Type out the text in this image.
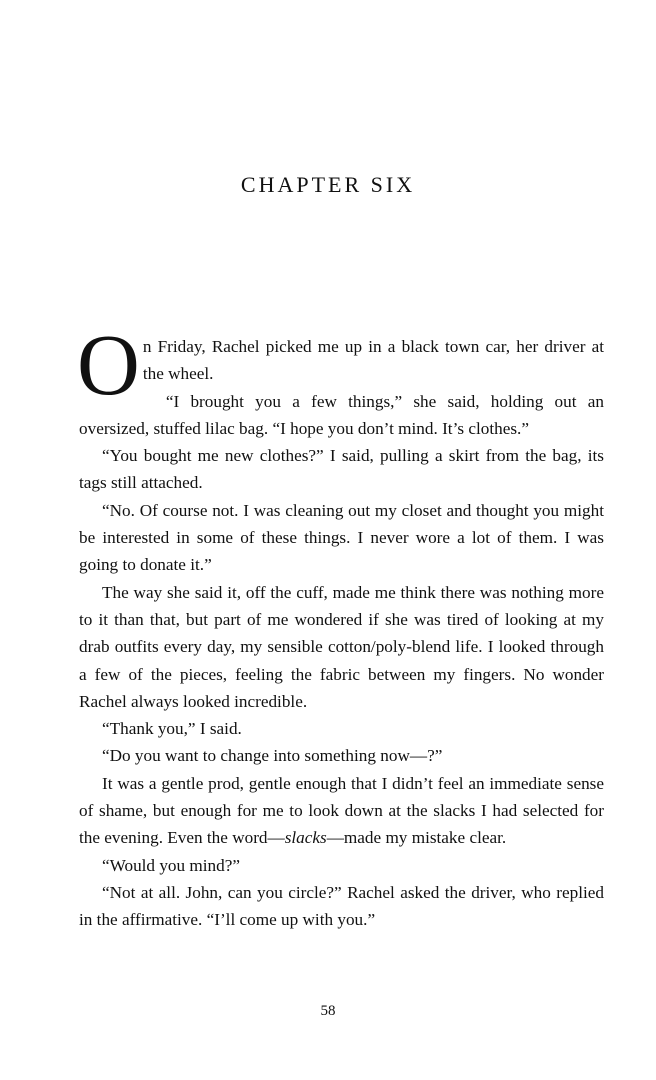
CHAPTER SIX

On Friday, Rachel picked me up in a black town car, her driver at the wheel.

“I brought you a few things,” she said, holding out an oversized, stuffed lilac bag. “I hope you don’t mind. It’s clothes.”

“You bought me new clothes?” I said, pulling a skirt from the bag, its tags still attached.

“No. Of course not. I was cleaning out my closet and thought you might be interested in some of these things. I never wore a lot of them. I was going to donate it.”

The way she said it, off the cuff, made me think there was nothing more to it than that, but part of me wondered if she was tired of looking at my drab outfits every day, my sensible cotton/poly-blend life. I looked through a few of the pieces, feeling the fabric between my fingers. No wonder Rachel always looked incredible.

“Thank you,” I said.

“Do you want to change into something now—?”

It was a gentle prod, gentle enough that I didn’t feel an immediate sense of shame, but enough for me to look down at the slacks I had selected for the evening. Even the word—slacks—made my mistake clear.

“Would you mind?”

“Not at all. John, can you circle?” Rachel asked the driver, who replied in the affirmative. “I’ll come up with you.”

58
